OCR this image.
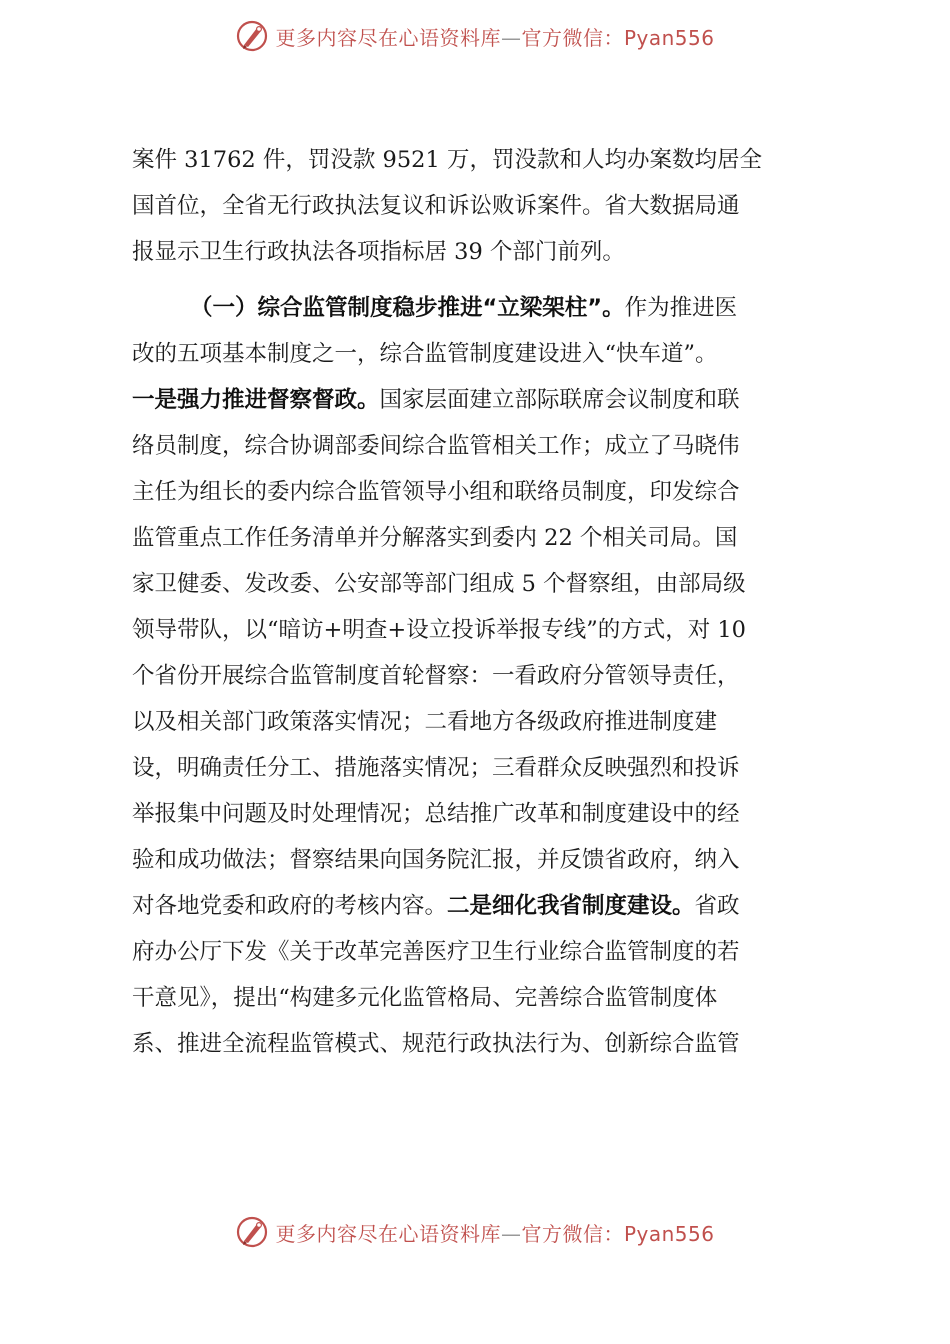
更多内容尽在心语资料库—官方微信：Pyan556
案件 31762 件，罚没款 9521 万，罚没款和人均办案数均居全
国首位，全省无行政执法复议和诉讼败诉案件。省大数据局通
报显示卫生行政执法各项指标居 39 个部门前列。
（一）综合监管制度稳步推进“立梁架柱”。作为推进医
改的五项基本制度之一，综合监管制度建设进入“快车道”。
一是强力推进督察督政。国家层面建立部际联席会议制度和联
络员制度，综合协调部委间综合监管相关工作；成立了马晓伟
主任为组长的委内综合监管领导小组和联络员制度，印发综合
监管重点工作任务清单并分解落实到委内 22 个相关司局。国
家卫健委、发改委、公安部等部门组成 5 个督察组，由部局级
领导带队，以“暗访+明查+设立投诉举报专线”的方式，对 10
个省份开展综合监管制度首轮督察：一看政府分管领导责任，
以及相关部门政策落实情况；二看地方各级政府推进制度建
设，明确责任分工、措施落实情况；三看群众反映强烈和投诉
举报集中问题及时处理情况；总结推广改革和制度建设中的经
验和成功做法；督察结果向国务院汇报，并反馈省政府，纳入
对各地党委和政府的考核内容。二是细化我省制度建设。省政
府办公厅下发《关于改革完善医疗卫生行业综合监管制度的若
干意见》，提出“构建多元化监管格局、完善综合监管制度体
系、推进全流程监管模式、规范行政执法行为、创新综合监管
更多内容尽在心语资料库—官方微信：Pyan556
